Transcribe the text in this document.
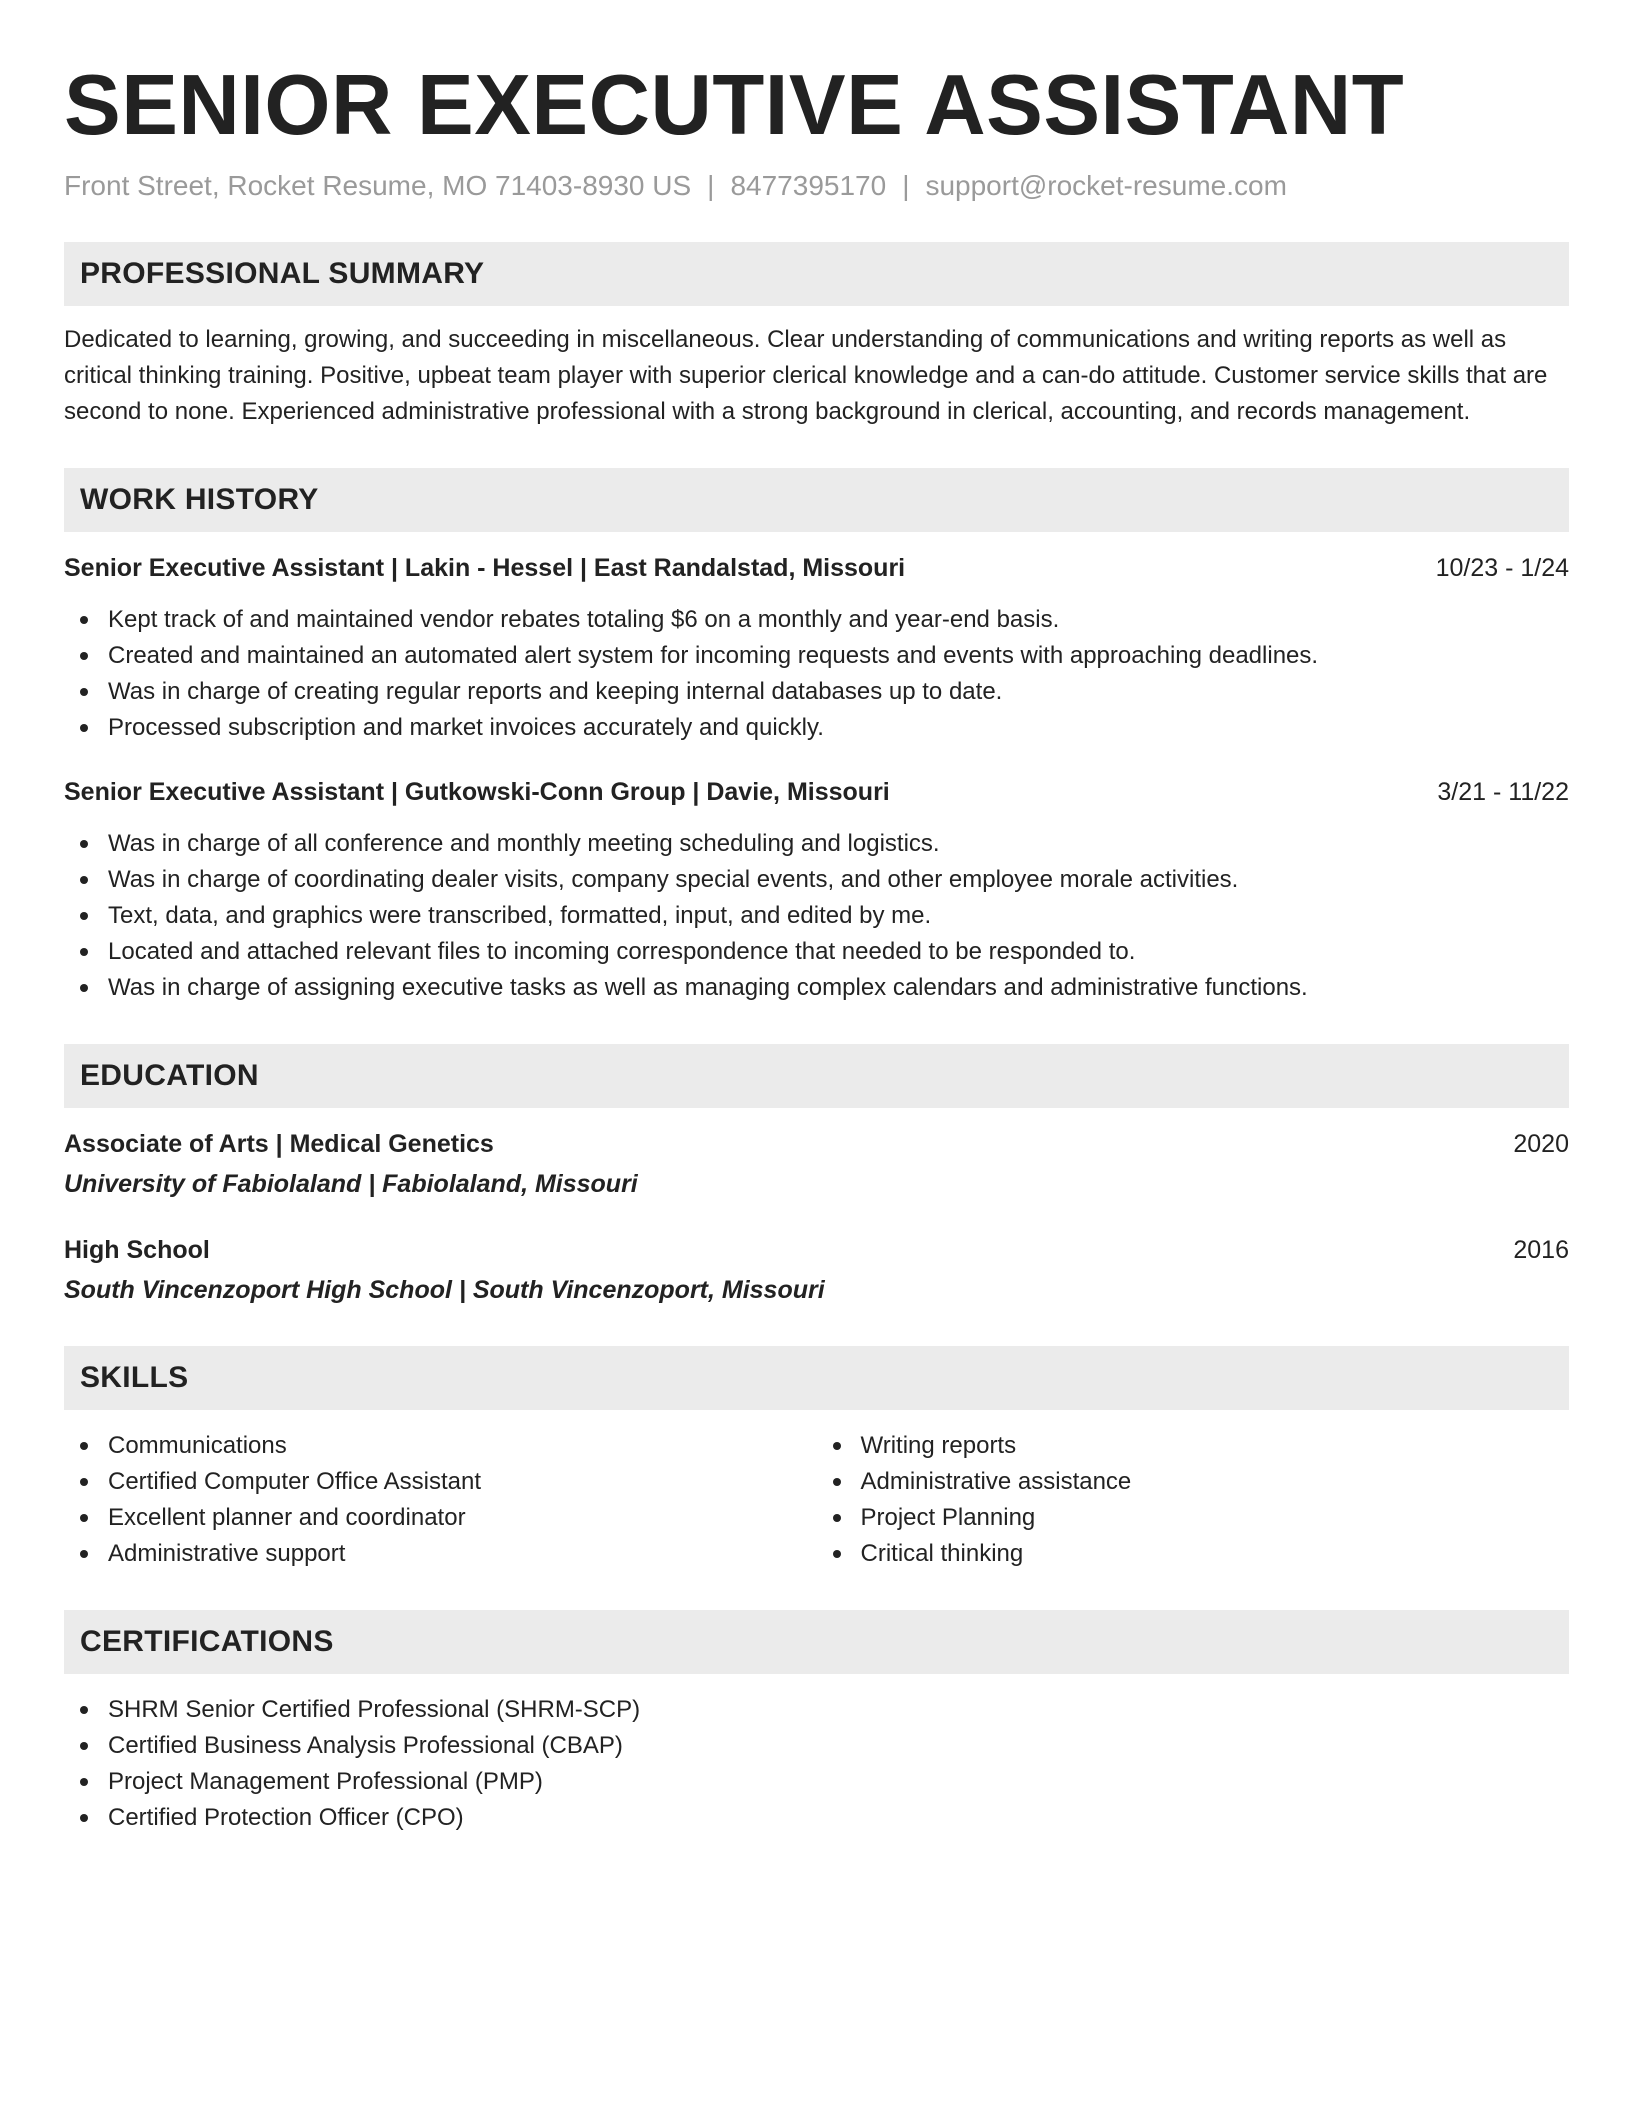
SENIOR EXECUTIVE ASSISTANT
Front Street, Rocket Resume, MO 71403-8930 US | 8477395170 | support@rocket-resume.com
PROFESSIONAL SUMMARY
Dedicated to learning, growing, and succeeding in miscellaneous. Clear understanding of communications and writing reports as well as critical thinking training. Positive, upbeat team player with superior clerical knowledge and a can-do attitude. Customer service skills that are second to none. Experienced administrative professional with a strong background in clerical, accounting, and records management.
WORK HISTORY
Senior Executive Assistant | Lakin - Hessel | East Randalstad, Missouri	10/23 - 1/24
Kept track of and maintained vendor rebates totaling $6 on a monthly and year-end basis.
Created and maintained an automated alert system for incoming requests and events with approaching deadlines.
Was in charge of creating regular reports and keeping internal databases up to date.
Processed subscription and market invoices accurately and quickly.
Senior Executive Assistant | Gutkowski-Conn Group | Davie, Missouri	3/21 - 11/22
Was in charge of all conference and monthly meeting scheduling and logistics.
Was in charge of coordinating dealer visits, company special events, and other employee morale activities.
Text, data, and graphics were transcribed, formatted, input, and edited by me.
Located and attached relevant files to incoming correspondence that needed to be responded to.
Was in charge of assigning executive tasks as well as managing complex calendars and administrative functions.
EDUCATION
Associate of Arts | Medical Genetics	2020
University of Fabiolaland | Fabiolaland, Missouri
High School	2016
South Vincenzoport High School | South Vincenzoport, Missouri
SKILLS
Communications
Certified Computer Office Assistant
Excellent planner and coordinator
Administrative support
Writing reports
Administrative assistance
Project Planning
Critical thinking
CERTIFICATIONS
SHRM Senior Certified Professional (SHRM-SCP)
Certified Business Analysis Professional (CBAP)
Project Management Professional (PMP)
Certified Protection Officer (CPO)
